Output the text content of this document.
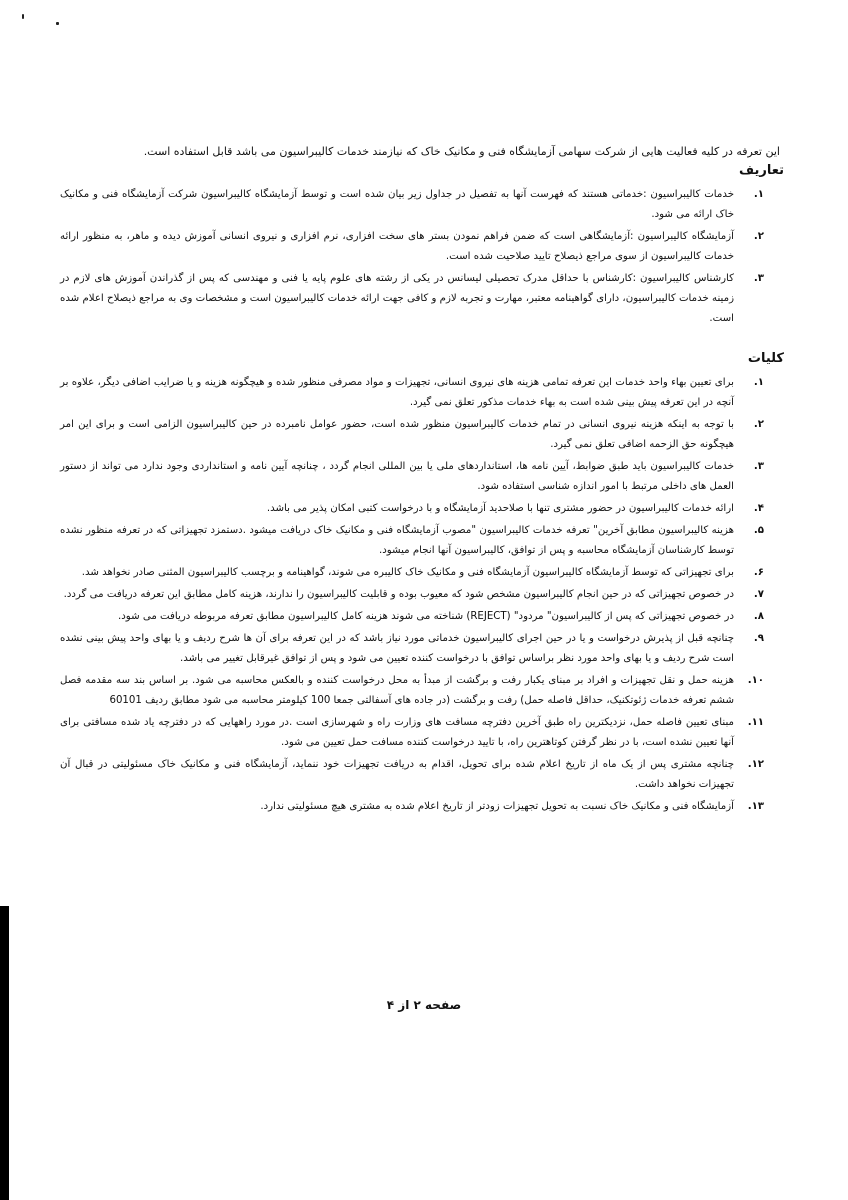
این تعرفه در کلیه فعالیت هایی از شرکت سهامی آزمایشگاه فنی و مکانیک خاک که نیازمند خدمات کالیبراسیون می باشد قابل استفاده است.

تعاریف
۱.
خدمات کالیبراسیون :خدماتی هستند که فهرست آنها به تفصیل در جداول زیر بیان شده است و توسط آزمایشگاه کالیبراسیون شرکت آزمایشگاه فنی و مکانیک خاک ارائه می شود.
۲.
آزمایشگاه کالیبراسیون :آزمایشگاهی است که ضمن فراهم نمودن بستر های سخت افزاری، نرم افزاری و نیروی انسانی آموزش دیده و ماهر، به منظور ارائه خدمات کالیبراسیون از سوی مراجع ذیصلاح تایید صلاحیت شده است.
۳.
کارشناس کالیبراسیون :کارشناس با حداقل مدرک تحصیلی لیسانس در یکی از رشته های علوم پایه یا فنی و مهندسی که پس از گذراندن آموزش های لازم در زمینه خدمات کالیبراسیون، دارای گواهینامه معتبر، مهارت و تجربه لازم و کافی جهت ارائه خدمات کالیبراسیون است و مشخصات وی به مراجع ذیصلاح اعلام شده است.
کلیات
۱.
برای تعیین بهاء واحد خدمات این تعرفه تمامی هزینه های نیروی انسانی، تجهیزات و مواد مصرفی منظور شده و هیچگونه هزینه و یا ضرایب اضافی دیگر، علاوه بر آنچه در این تعرفه پیش بینی شده است به بهاء خدمات مذکور تعلق نمی گیرد.
۲.
با توجه به اینکه هزینه نیروی انسانی در تمام خدمات کالیبراسیون منظور شده است، حضور عوامل نامبرده در حین کالیبراسیون الزامی است و برای این امر هیچگونه حق الزحمه اضافی تعلق نمی گیرد.
۳.
خدمات کالیبراسیون باید طبق ضوابط، آیین نامه ها، استانداردهای ملی یا بین المللی انجام گردد ، چنانچه آیین نامه و استانداردی وجود ندارد می تواند از دستور العمل های داخلی مرتبط با امور اندازه شناسی استفاده شود.
۴.
ارائه خدمات کالیبراسیون در حضور مشتری تنها با صلاحدید آزمایشگاه و با درخواست کتبی امکان پذیر می باشد.
۵.
هزینه کالیبراسیون مطابق آخرین" تعرفه خدمات کالیبراسیون "مصوب آزمایشگاه فنی و مکانیک خاک دریافت میشود .دستمزد تجهیزاتی که در تعرفه منظور نشده توسط کارشناسان آزمایشگاه محاسبه و پس از توافق، کالیبراسیون آنها انجام میشود.
۶.
برای تجهیزاتی که توسط آزمایشگاه کالیبراسیون آزمایشگاه فنی و مکانیک خاک کالیبره می شوند، گواهینامه و برچسب کالیبراسیون المثنی صادر نخواهد شد.
۷.
در خصوص تجهیزاتی که در حین انجام کالیبراسیون مشخص شود که معیوب بوده و قابلیت کالیبراسیون را ندارند، هزینه کامل مطابق این تعرفه دریافت می گردد.
۸.
در خصوص تجهیزاتی که پس از کالیبراسیون" مردود" (REJECT) شناخته می شوند هزینه کامل کالیبراسیون مطابق تعرفه مربوطه دریافت می شود.
۹.
چنانچه قبل از پذیرش درخواست و یا در حین اجرای کالیبراسیون خدماتی مورد نیاز باشد که در این تعرفه برای آن ها شرح ردیف و یا بهای واحد پیش بینی نشده است شرح ردیف و یا بهای واحد مورد نظر براساس توافق با درخواست کننده تعیین می شود و پس از توافق غیرقابل تغییر می باشد.
۱۰.
هزینه حمل و نقل تجهیزات و افراد بر مبنای یکبار رفت و برگشت از مبدأ به محل درخواست کننده و بالعکس محاسبه می شود. بر اساس بند سه مقدمه فصل ششم تعرفه خدمات ژئوتکنیک، حداقل فاصله حمل) رفت و برگشت (در جاده های آسفالتی جمعا 100 کیلومتر محاسبه می شود مطابق ردیف 60101
۱۱.
مبنای تعیین فاصله حمل، نزدیکترین راه طبق آخرین دفترچه مسافت های وزارت راه و شهرسازی است .در مورد راههایی که در دفترچه یاد شده مسافتی برای آنها تعیین نشده است، با در نظر گرفتن کوتاهترین راه، با تایید درخواست کننده مسافت حمل تعیین می شود.
۱۲.
چنانچه مشتری پس از یک ماه از تاریخ اعلام شده برای تحویل، اقدام به دریافت تجهیزات خود ننماید، آزمایشگاه فنی و مکانیک خاک مسئولیتی در قبال آن تجهیزات نخواهد داشت.
۱۳.
آزمایشگاه فنی و مکانیک خاک نسبت به تحویل تجهیزات زودتر از تاریخ اعلام شده به مشتری هیچ مسئولیتی ندارد.
صفحه ۲ از ۴
